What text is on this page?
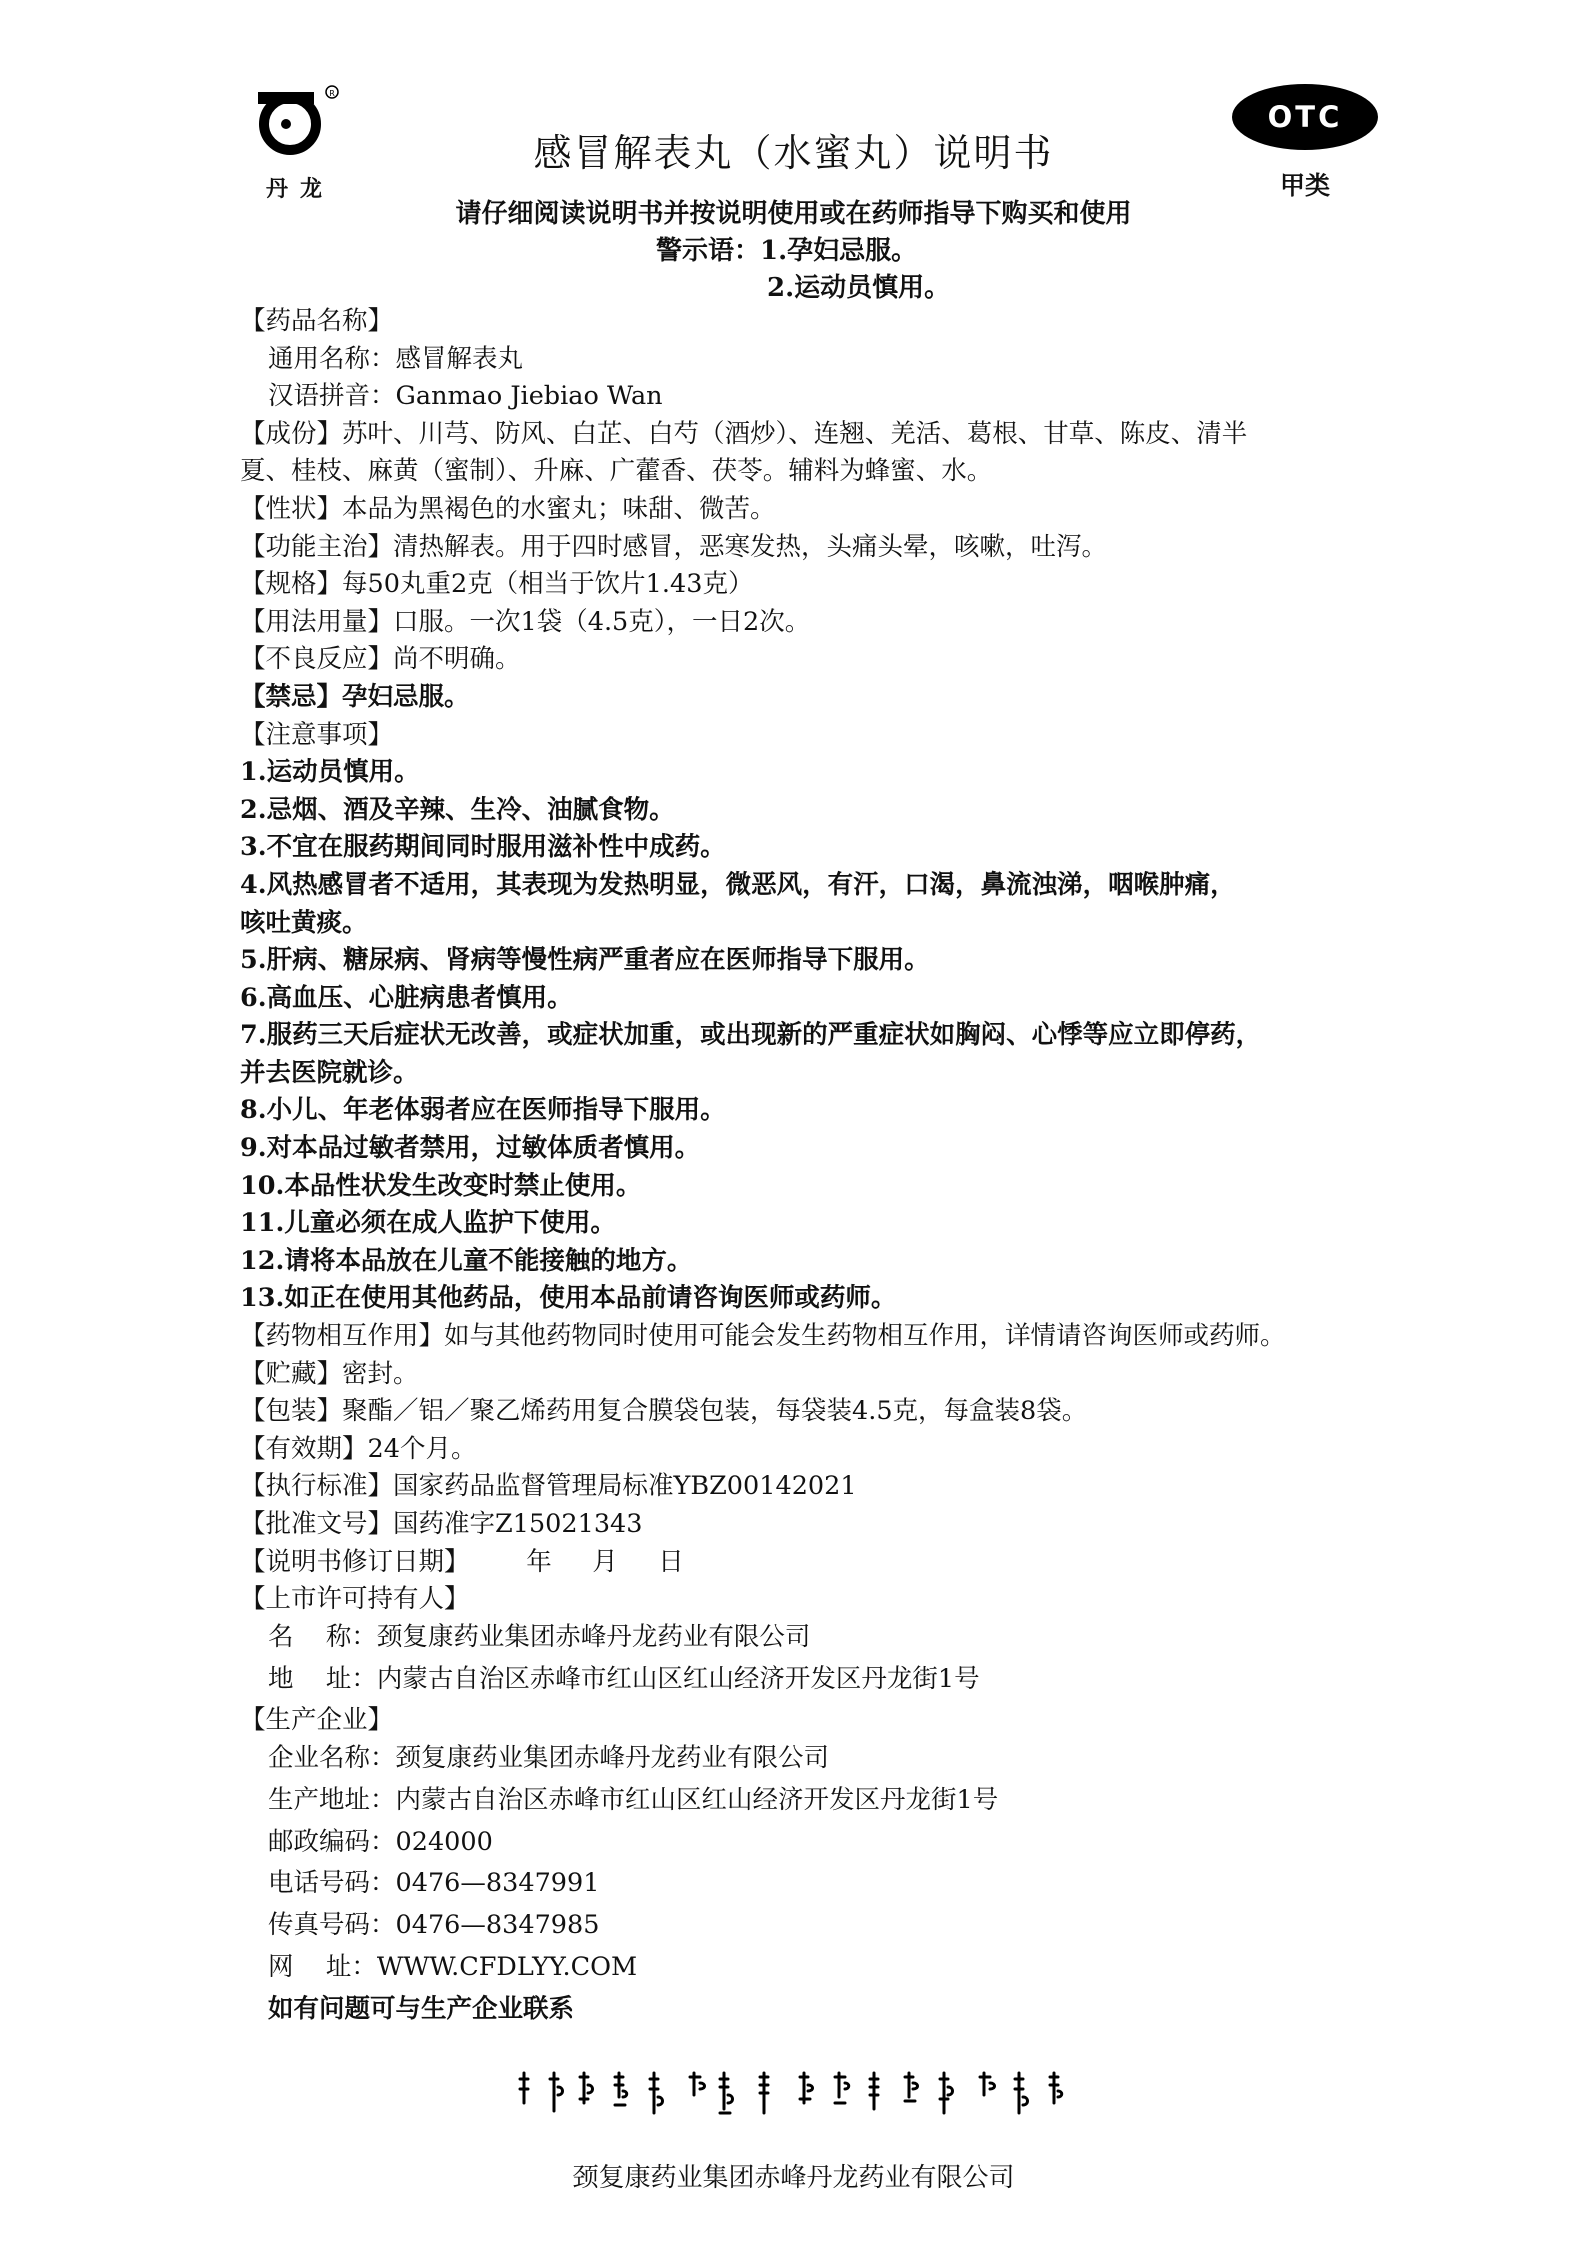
R
丹龙
感冒解表丸（水蜜丸）说明书
OTC
甲类
请仔细阅读说明书并按说明使用或在药师指导下购买和使用
警示语：1.孕妇忌服。
2.运动员慎用。
【药品名称】
通用名称：感冒解表丸
汉语拼音：Ganmao Jiebiao Wan
【成份】苏叶、川芎、防风、白芷、白芍（酒炒）、连翘、羌活、葛根、甘草、陈皮、清半
夏、桂枝、麻黄（蜜制）、升麻、广藿香、茯苓。辅料为蜂蜜、水。
【性状】本品为黑褐色的水蜜丸；味甜、微苦。
【功能主治】清热解表。用于四时感冒，恶寒发热，头痛头晕，咳嗽，吐泻。
【规格】每50丸重2克（相当于饮片1.43克）
【用法用量】口服。一次1袋（4.5克），一日2次。
【不良反应】尚不明确。
【禁忌】孕妇忌服。
【注意事项】
1.运动员慎用。
2.忌烟、酒及辛辣、生冷、油腻食物。
3.不宜在服药期间同时服用滋补性中成药。
4.风热感冒者不适用，其表现为发热明显，微恶风，有汗，口渴，鼻流浊涕，咽喉肿痛，
咳吐黄痰。
5.肝病、糖尿病、肾病等慢性病严重者应在医师指导下服用。
6.高血压、心脏病患者慎用。
7.服药三天后症状无改善，或症状加重，或出现新的严重症状如胸闷、心悸等应立即停药，
并去医院就诊。
8.小儿、年老体弱者应在医师指导下服用。
9.对本品过敏者禁用，过敏体质者慎用。
10.本品性状发生改变时禁止使用。
11.儿童必须在成人监护下使用。
12.请将本品放在儿童不能接触的地方。
13.如正在使用其他药品，使用本品前请咨询医师或药师。
【药物相互作用】如与其他药物同时使用可能会发生药物相互作用，详情请咨询医师或药师。
【贮藏】密封。
【包装】聚酯／铝／聚乙烯药用复合膜袋包装，每袋装4.5克，每盒装8袋。
【有效期】24个月。
【执行标准】国家药品监督管理局标准YBZ00142021
【批准文号】国药准字Z15021343
【说明书修订日期】       年     月     日
【上市许可持有人】
名    称：颈复康药业集团赤峰丹龙药业有限公司
地    址：内蒙古自治区赤峰市红山区红山经济开发区丹龙街1号
【生产企业】
企业名称：颈复康药业集团赤峰丹龙药业有限公司
生产地址：内蒙古自治区赤峰市红山区红山经济开发区丹龙街1号
邮政编码：024000
电话号码：0476—8347991
传真号码：0476—8347985
网    址：WWW.CFDLYY.COM
如有问题可与生产企业联系
颈复康药业集团赤峰丹龙药业有限公司
